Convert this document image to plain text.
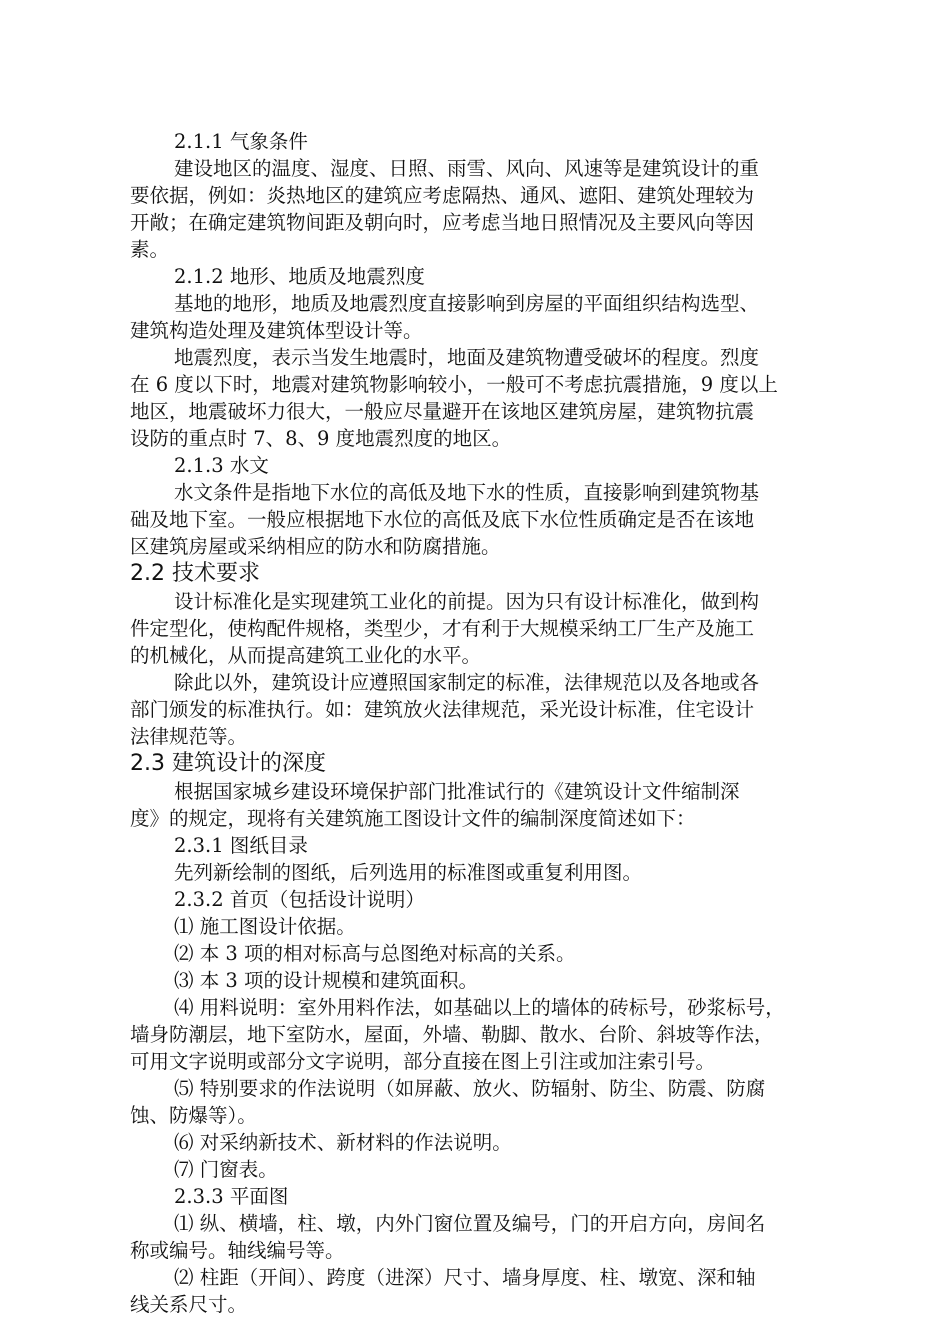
2.1.1 气象条件
建设地区的温度、湿度、日照、雨雪、风向、风速等是建筑设计的重
要依据，例如：炎热地区的建筑应考虑隔热、通风、遮阳、建筑处理较为
开敞；在确定建筑物间距及朝向时，应考虑当地日照情况及主要风向等因
素。
2.1.2 地形、地质及地震烈度
基地的地形，地质及地震烈度直接影响到房屋的平面组织结构选型、
建筑构造处理及建筑体型设计等。
地震烈度，表示当发生地震时，地面及建筑物遭受破坏的程度。烈度
在 6 度以下时，地震对建筑物影响较小，一般可不考虑抗震措施，9 度以上
地区，地震破坏力很大，一般应尽量避开在该地区建筑房屋，建筑物抗震
设防的重点时 7、8、9 度地震烈度的地区。
2.1.3 水文
水文条件是指地下水位的高低及地下水的性质，直接影响到建筑物基
础及地下室。一般应根据地下水位的高低及底下水位性质确定是否在该地
区建筑房屋或采纳相应的防水和防腐措施。
2.2 技术要求
设计标准化是实现建筑工业化的前提。因为只有设计标准化，做到构
件定型化，使构配件规格，类型少，才有利于大规模采纳工厂生产及施工
的机械化，从而提高建筑工业化的水平。
除此以外，建筑设计应遵照国家制定的标准，法律规范以及各地或各
部门颁发的标准执行。如：建筑放火法律规范，采光设计标准，住宅设计
法律规范等。
2.3 建筑设计的深度
根据国家城乡建设环境保护部门批准试行的《建筑设计文件缩制深
度》的规定，现将有关建筑施工图设计文件的编制深度简述如下：
2.3.1 图纸目录
先列新绘制的图纸，后列选用的标准图或重复利用图。
2.3.2 首页（包括设计说明）
⑴ 施工图设计依据。
⑵ 本 3 项的相对标高与总图绝对标高的关系。
⑶ 本 3 项的设计规模和建筑面积。
⑷ 用料说明：室外用料作法，如基础以上的墙体的砖标号，砂浆标号，
墙身防潮层，地下室防水，屋面，外墙、勒脚、散水、台阶、斜坡等作法，
可用文字说明或部分文字说明，部分直接在图上引注或加注索引号。
⑸ 特别要求的作法说明（如屏蔽、放火、防辐射、防尘、防震、防腐
蚀、防爆等）。
⑹ 对采纳新技术、新材料的作法说明。
⑺ 门窗表。
2.3.3 平面图
⑴ 纵、横墙，柱、墩，内外门窗位置及编号，门的开启方向，房间名
称或编号。轴线编号等。
⑵ 柱距（开间）、跨度（进深）尺寸、墙身厚度、柱、墩宽、深和轴
线关系尺寸。
